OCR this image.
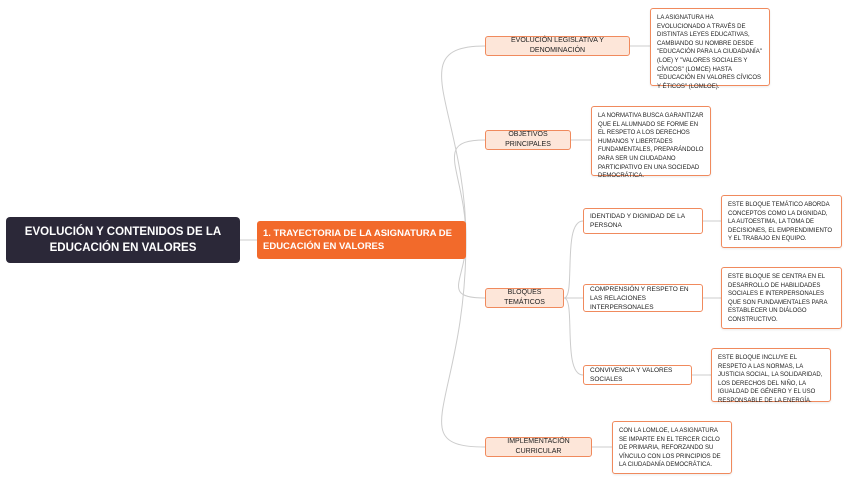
EVOLUCIÓN Y CONTENIDOS DE LA EDUCACIÓN EN VALORES
1. TRAYECTORIA DE LA ASIGNATURA DE EDUCACIÓN EN VALORES
EVOLUCIÓN LEGISLATIVA Y DENOMINACIÓN
LA ASIGNATURA HA EVOLUCIONADO A TRAVÉS DE DISTINTAS LEYES EDUCATIVAS, CAMBIANDO SU NOMBRE DESDE "EDUCACIÓN PARA LA CIUDADANÍA" (LOE) Y "VALORES SOCIALES Y CÍVICOS" (LOMCE) HASTA "EDUCACIÓN EN VALORES CÍVICOS Y ÉTICOS" (LOMLOE).
OBJETIVOS PRINCIPALES
LA NORMATIVA BUSCA GARANTIZAR QUE EL ALUMNADO SE FORME EN EL RESPETO A LOS DERECHOS HUMANOS Y LIBERTADES FUNDAMENTALES, PREPARÁNDOLO PARA SER UN CIUDADANO PARTICIPATIVO EN UNA SOCIEDAD DEMOCRÁTICA.
BLOQUES TEMÁTICOS
IDENTIDAD Y DIGNIDAD DE LA PERSONA
ESTE BLOQUE TEMÁTICO ABORDA CONCEPTOS COMO LA DIGNIDAD, LA AUTOESTIMA, LA TOMA DE DECISIONES, EL EMPRENDIMIENTO Y EL TRABAJO EN EQUIPO.
COMPRENSIÓN Y RESPETO EN LAS RELACIONES INTERPERSONALES
ESTE BLOQUE SE CENTRA EN EL DESARROLLO DE HABILIDADES SOCIALES E INTERPERSONALES QUE SON FUNDAMENTALES PARA ESTABLECER UN DIÁLOGO CONSTRUCTIVO.
CONVIVENCIA Y VALORES SOCIALES
ESTE BLOQUE INCLUYE EL RESPETO A LAS NORMAS, LA JUSTICIA SOCIAL, LA SOLIDARIDAD, LOS DERECHOS DEL NIÑO, LA IGUALDAD DE GÉNERO Y EL USO RESPONSABLE DE LA ENERGÍA.
IMPLEMENTACIÓN CURRICULAR
CON LA LOMLOE, LA ASIGNATURA SE IMPARTE EN EL TERCER CICLO DE PRIMARIA, REFORZANDO SU VÍNCULO CON LOS PRINCIPIOS DE LA CIUDADANÍA DEMOCRÁTICA.
